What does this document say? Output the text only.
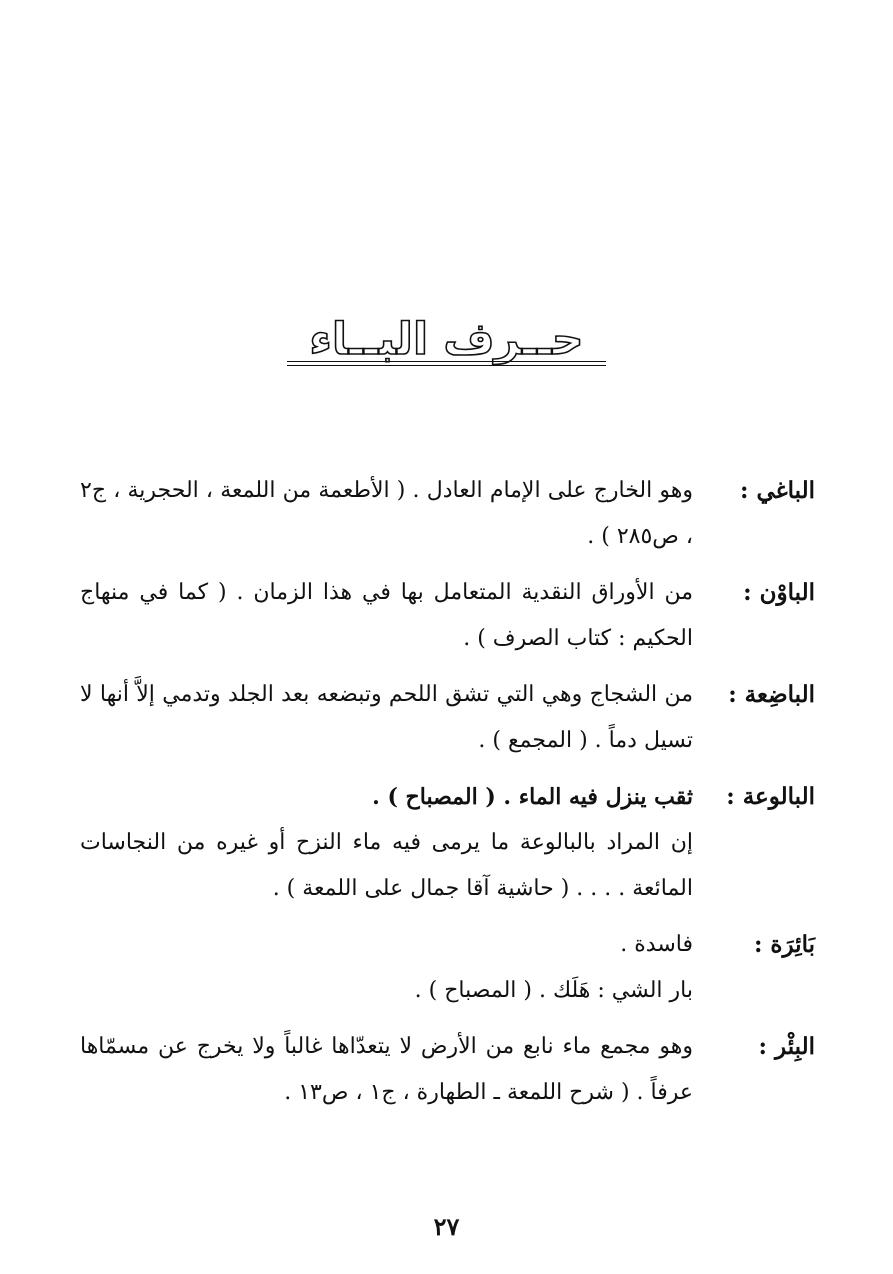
حــرف البــاء
الباغي :

وهو الخارج على الإمام العادل . ( الأطعمة من اللمعة ، الحجرية ، ج٢ ، ص٢٨٥ ) .

الباوْن :

من الأوراق النقدية المتعامل بها في هذا الزمان . ( كما في منهاج الحكيم : كتاب الصرف ) .

الباضِعة :

من الشجاج وهي التي تشق اللحم وتبضعه بعد الجلد وتدمي إلاَّ أنها لا تسيل دماً . ( المجمع ) .

البالوعة :

ثقب ينزل فيه الماء . ( المصباح ) .

إن المراد بالبالوعة ما يرمى فيه ماء النزح أو غيره من النجاسات المائعة . . . . ( حاشية آقا جمال على اللمعة ) .

بَائِرَة :

فاسدة .

بار الشي : هَلَك . ( المصباح ) .

البِئْر :

وهو مجمع ماء نابع من الأرض لا يتعدّاها غالباً ولا يخرج عن مسمّاها عرفاً . ( شرح اللمعة ـ الطهارة ، ج١ ، ص١٣ .

٢٧
